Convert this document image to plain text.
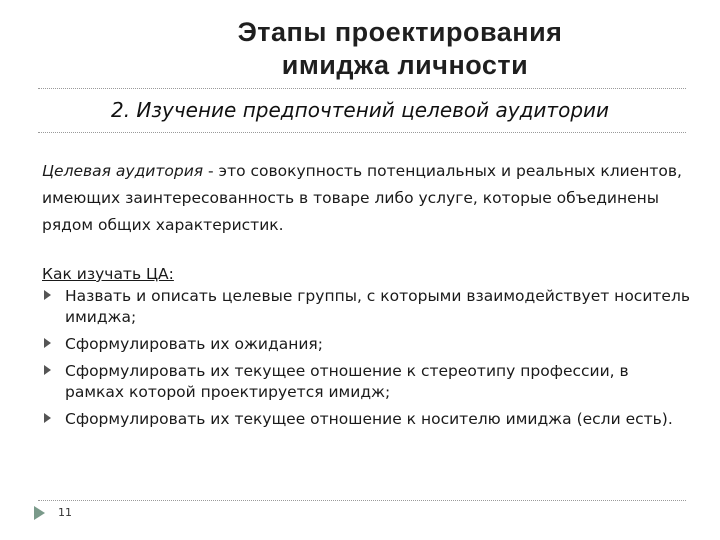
Этапы проектирования
имиджа личности
2. Изучение предпочтений целевой аудитории
Целевая аудитория - это совокупность потенциальных и реальных клиентов, имеющих заинтересованность в товаре либо услуге, которые объединены рядом общих характеристик.
Как изучать ЦА:
Назвать и описать целевые группы, с которыми взаимодействует носитель имиджа;
Сформулировать их ожидания;
Сформулировать их текущее отношение к стереотипу профессии, в рамках которой проектируется имидж;
Сформулировать их текущее отношение к носителю имиджа (если есть).
11
